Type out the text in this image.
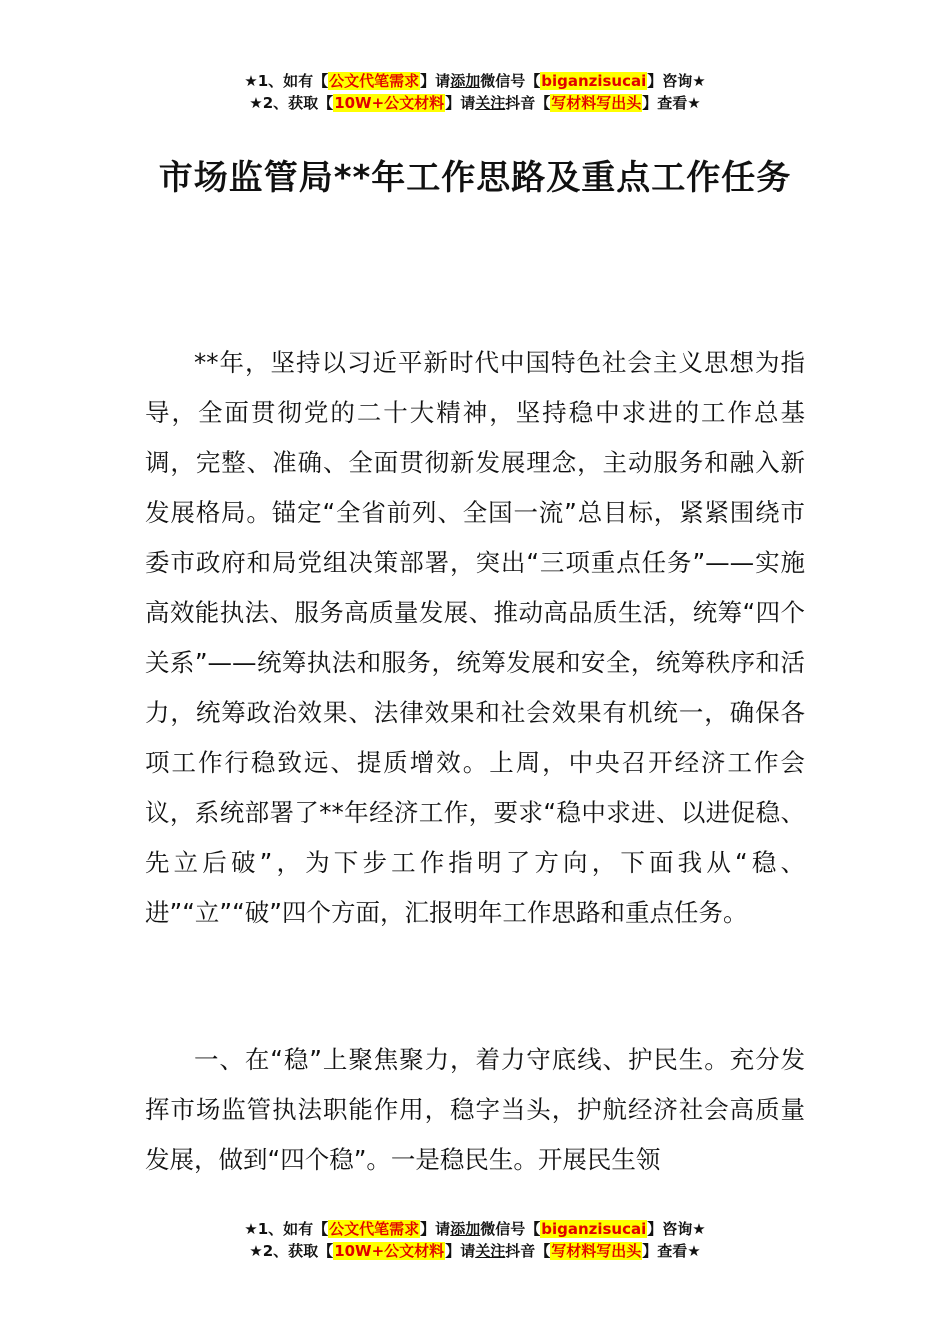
★1、如有【公文代笔需求】请添加微信号【biganzisucai】咨询★
★2、获取【10W+公文材料】请关注抖音【写材料写出头】查看★
市场监管局**年工作思路及重点工作任务

**年，坚持以习近平新时代中国特色社会主义思想为指导，全面贯彻党的二十大精神，坚持稳中求进的工作总基调，完整、准确、全面贯彻新发展理念，主动服务和融入新发展格局。锚定“全省前列、全国一流”总目标，紧紧围绕市委市政府和局党组决策部署，突出“三项重点任务”——实施高效能执法、服务高质量发展、推动高品质生活，统筹“四个关系”——统筹执法和服务，统筹发展和安全，统筹秩序和活力，统筹政治效果、法律效果和社会效果有机统一，确保各项工作行稳致远、提质增效。上周，中央召开经济工作会议，系统部署了**年经济工作，要求“稳中求进、以进促稳、先立后破”，为下步工作指明了方向，下面我从“稳、进”“立”“破”四个方面，汇报明年工作思路和重点任务。

一、在“稳”上聚焦聚力，着力守底线、护民生。充分发挥市场监管执法职能作用，稳字当头，护航经济社会高质量发展，做到“四个稳”。一是稳民生。开展民生领

★1、如有【公文代笔需求】请添加微信号【biganzisucai】咨询★
★2、获取【10W+公文材料】请关注抖音【写材料写出头】查看★
